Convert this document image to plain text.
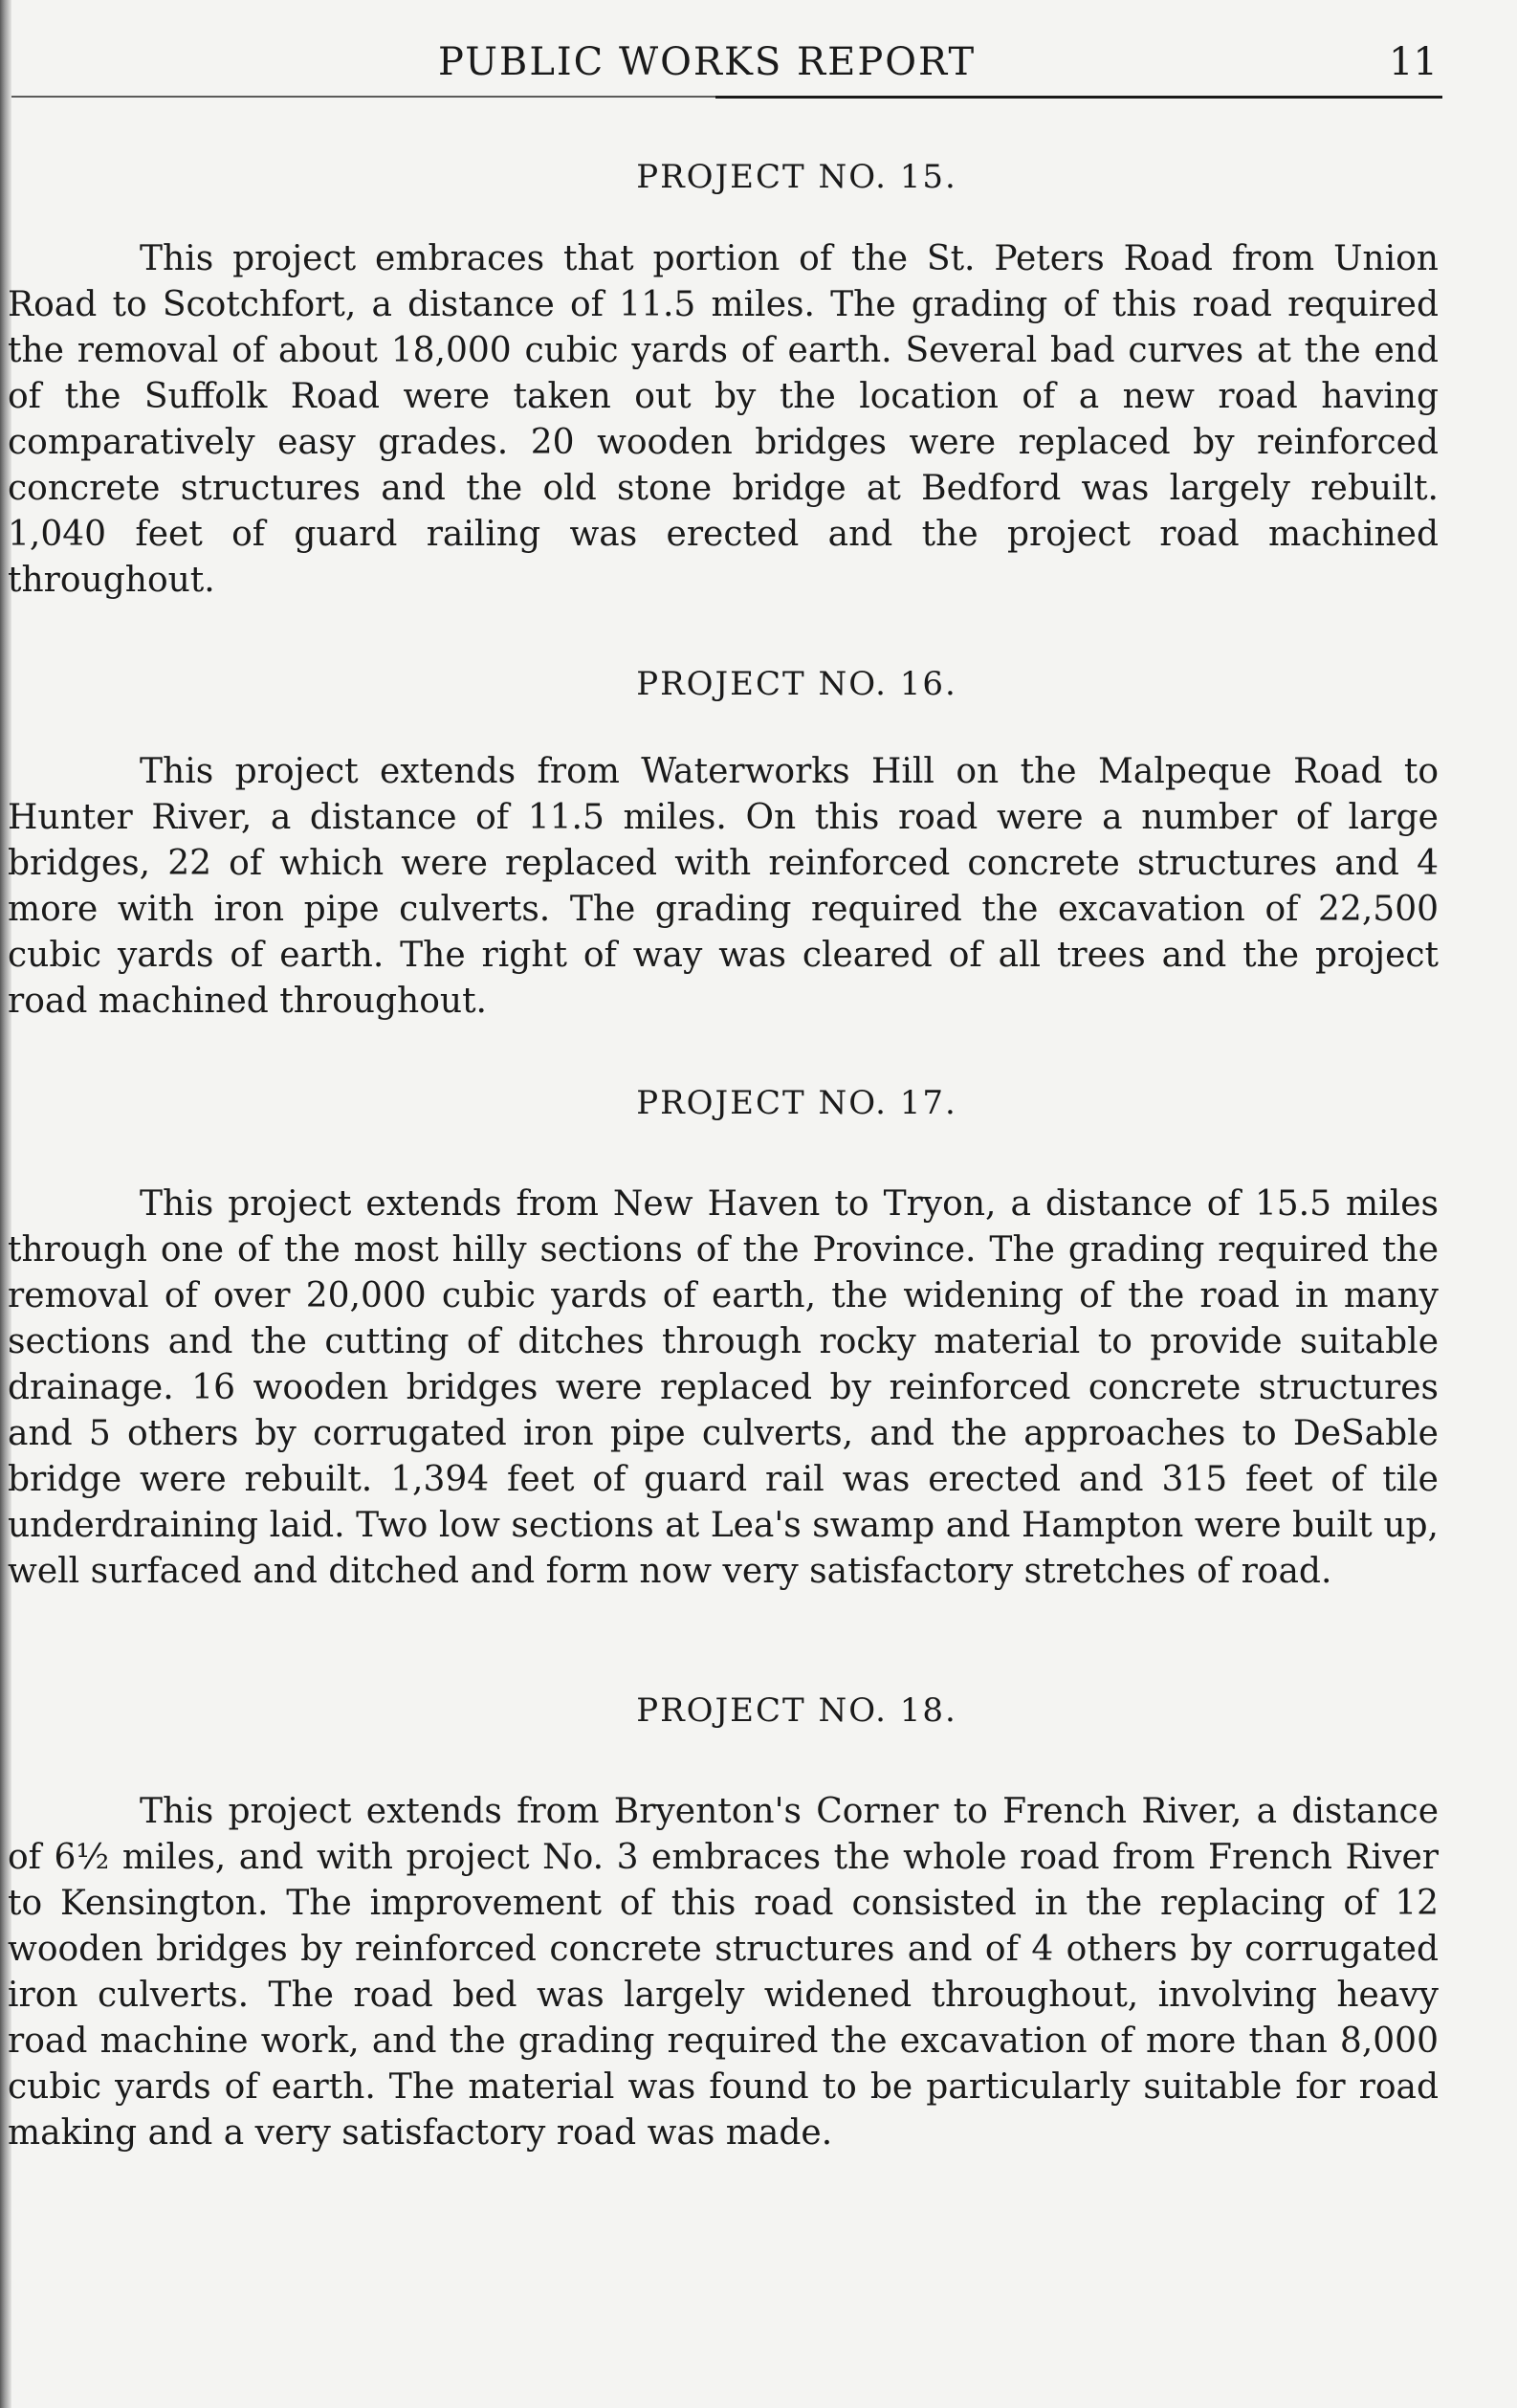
PUBLIC WORKS REPORT	11
PROJECT NO. 15.

This project embraces that portion of the St. Peters Road from Union Road to Scotchfort, a distance of 11.5 miles. The grading of this road required the removal of about 18,000 cubic yards of earth. Several bad curves at the end of the Suffolk Road were taken out by the location of a new road having comparatively easy grades. 20 wooden bridges were replaced by reinforced concrete structures and the old stone bridge at Bedford was largely rebuilt. 1,040 feet of guard railing was erected and the project road machined throughout.

PROJECT NO. 16.

This project extends from Waterworks Hill on the Malpeque Road to Hunter River, a distance of 11.5 miles. On this road were a number of large bridges, 22 of which were replaced with reinforced concrete structures and 4 more with iron pipe culverts. The grading required the excavation of 22,500 cubic yards of earth. The right of way was cleared of all trees and the project road machined throughout.

PROJECT NO. 17.

This project extends from New Haven to Tryon, a distance of 15.5 miles through one of the most hilly sections of the Province. The grading required the removal of over 20,000 cubic yards of earth, the widening of the road in many sections and the cutting of ditches through rocky material to provide suitable drainage. 16 wooden bridges were replaced by reinforced concrete structures and 5 others by corrugated iron pipe culverts, and the approaches to DeSable bridge were rebuilt. 1,394 feet of guard rail was erected and 315 feet of tile underdraining laid. Two low sections at Lea's swamp and Hampton were built up, well surfaced and ditched and form now very satisfactory stretches of road.

PROJECT NO. 18.

This project extends from Bryenton's Corner to French River, a distance of 6½ miles, and with project No. 3 embraces the whole road from French River to Kensington. The improvement of this road consisted in the replacing of 12 wooden bridges by reinforced concrete structures and of 4 others by corrugated iron culverts. The road bed was largely widened throughout, involving heavy road machine work, and the grading required the excavation of more than 8,000 cubic yards of earth. The material was found to be particularly suitable for road making and a very satisfactory road was made.
